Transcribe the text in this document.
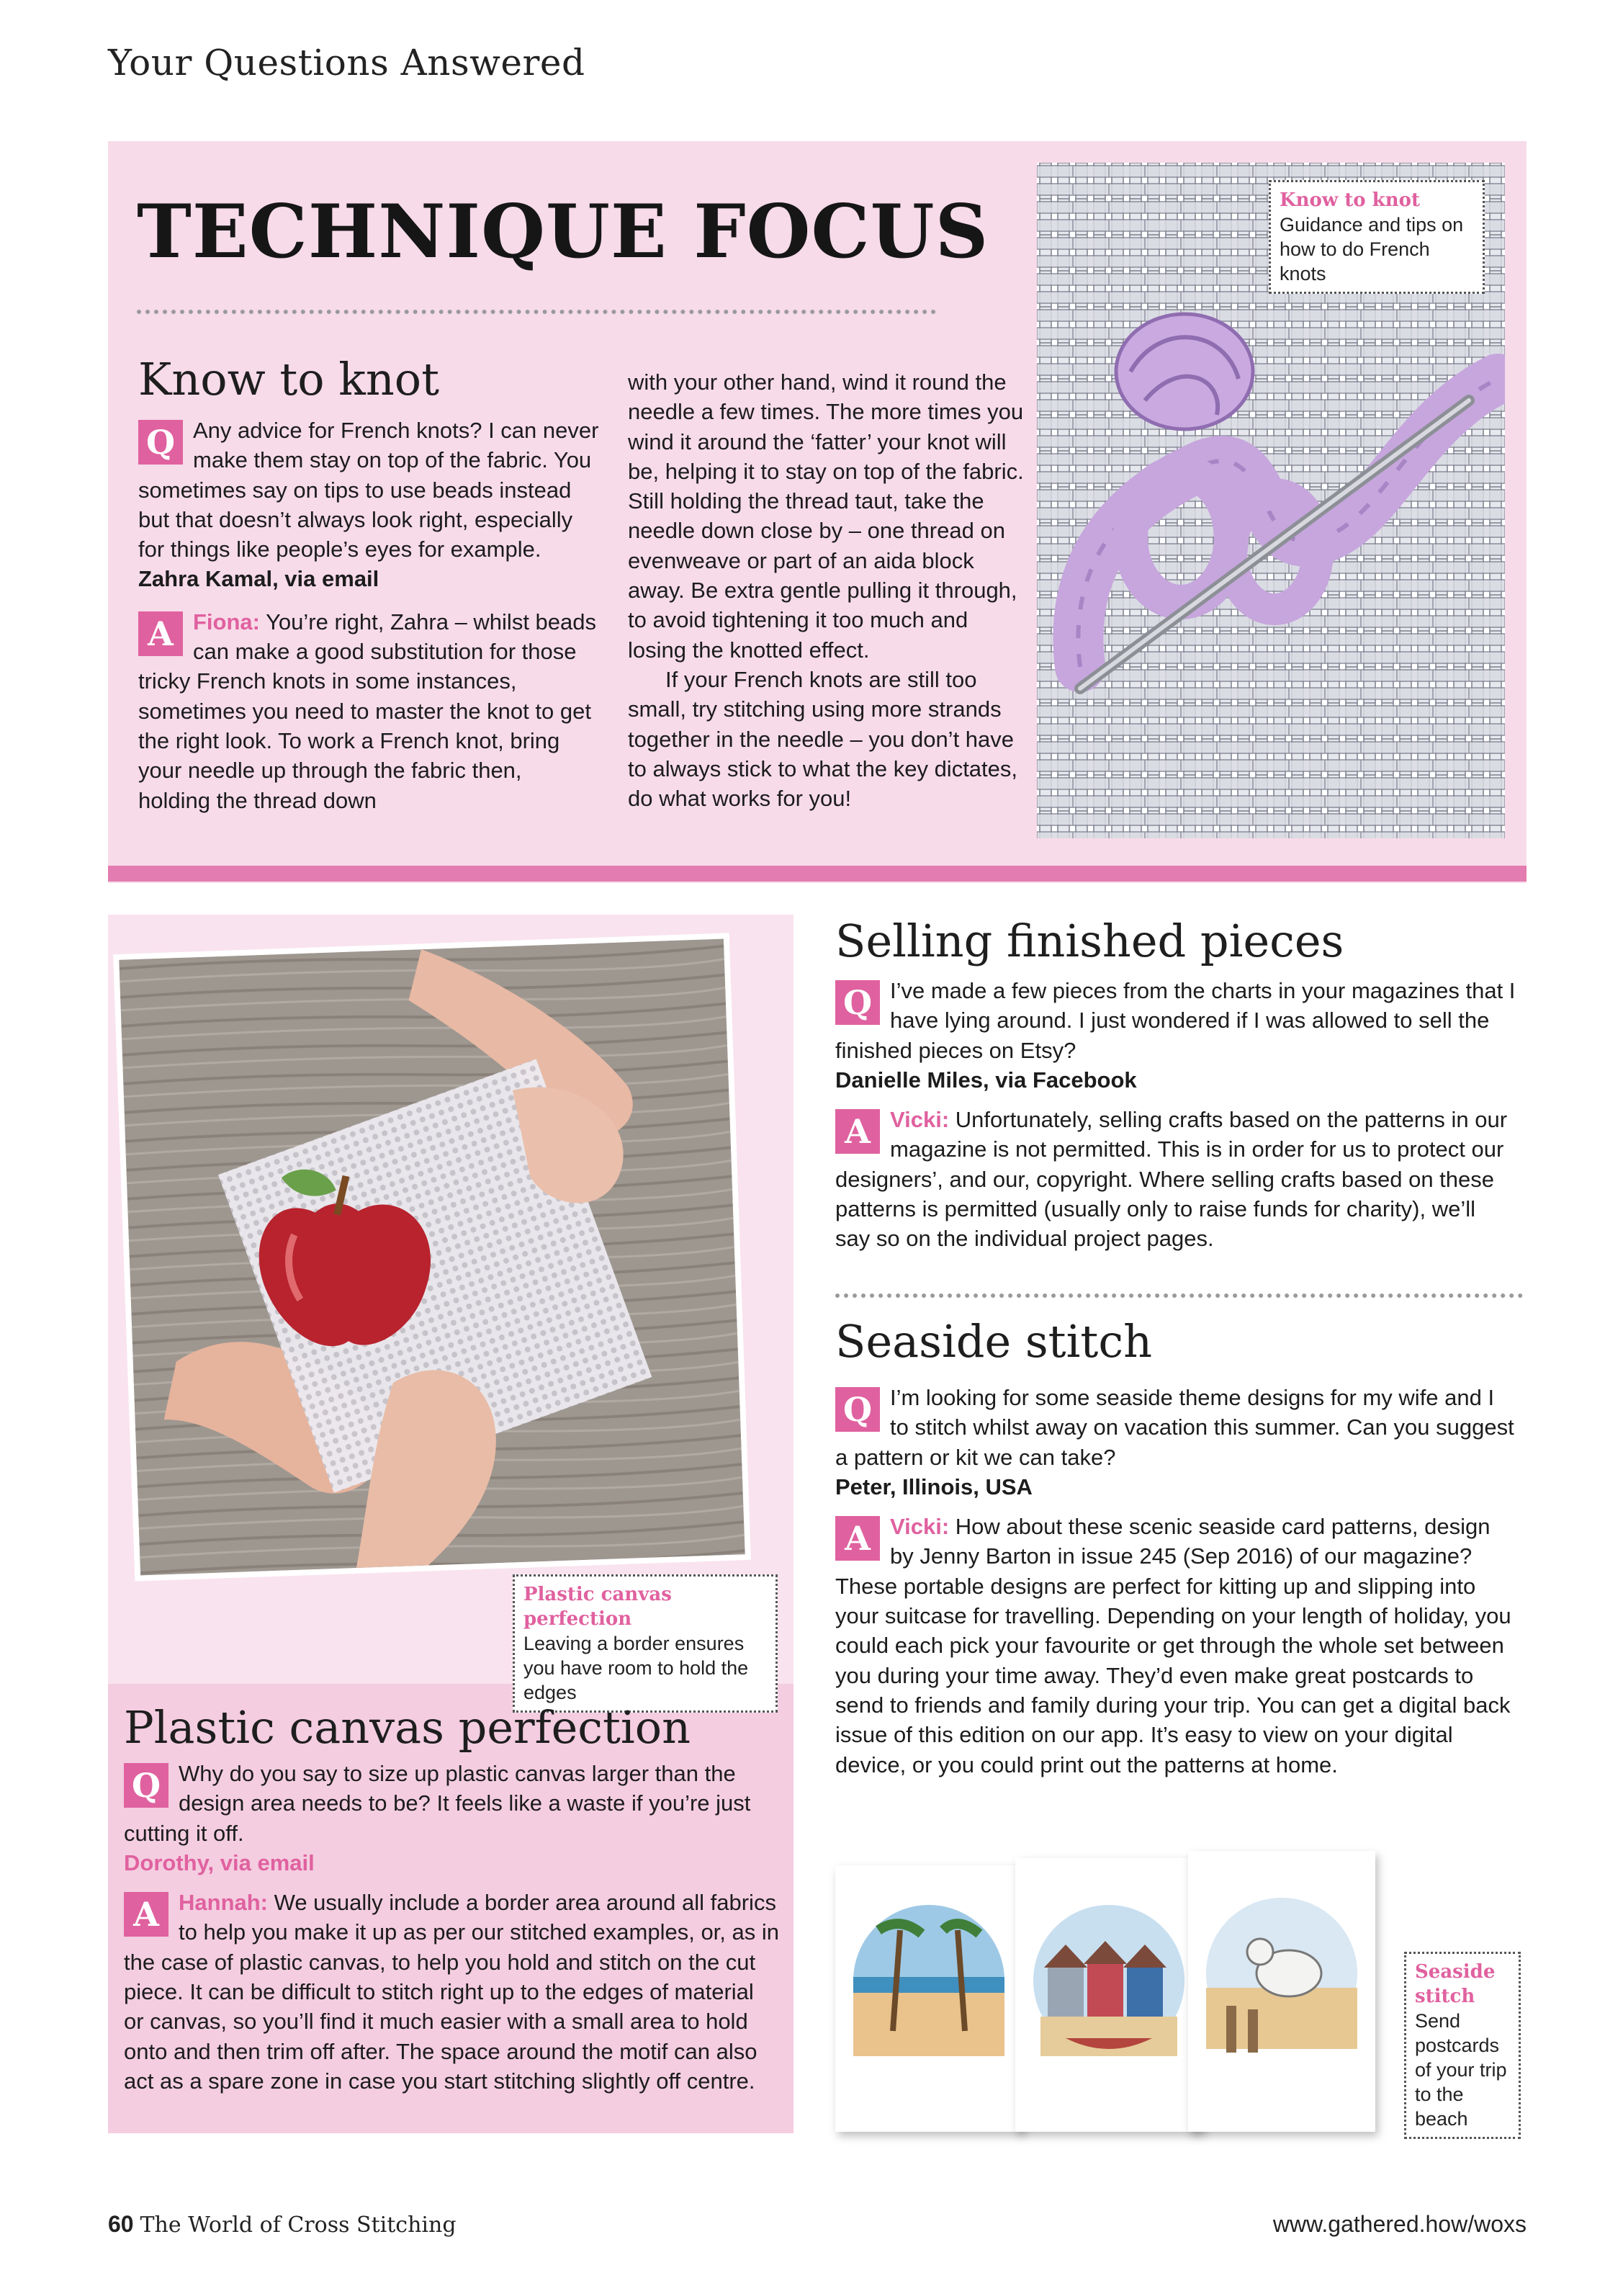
Your Questions Answered
TECHNIQUE FOCUS
Know to knot

Q Any advice for French knots? I can never make them stay on top of the fabric. You sometimes say on tips to use beads instead but that doesn’t always look right, especially for things like people’s eyes for example.

Zahra Kamal, via email

A Fiona: You’re right, Zahra – whilst beads can make a good substitution for those tricky French knots in some instances, sometimes you need to master the knot to get the right look. To work a French knot, bring your needle up through the fabric then, holding the thread down

with your other hand, wind it round the needle a few times. The more times you wind it around the ‘fatter’ your knot will be, helping it to stay on top of the fabric. Still holding the thread taut, take the needle down close by – one thread on evenweave or part of an aida block away. Be extra gentle pulling it through, to avoid tightening it too much and losing the knotted effect.

If your French knots are still too small, try stitching using more strands together in the needle – you don’t have to always stick to what the key dictates, do what works for you!

Know to knot
Guidance and tips on how to do French knots
Plastic canvas perfection
Leaving a border ensures you have room to hold the edges
Plastic canvas perfection

Q Why do you say to size up plastic canvas larger than the design area needs to be? It feels like a waste if you’re just cutting it off.

Dorothy, via email

A Hannah: We usually include a border area around all fabrics to help you make it up as per our stitched examples, or, as in the case of plastic canvas, to help you hold and stitch on the cut piece. It can be difficult to stitch right up to the edges of material or canvas, so you’ll find it much easier with a small area to hold onto and then trim off after. The space around the motif can also act as a spare zone in case you start stitching slightly off centre.

Selling finished pieces

Q I’ve made a few pieces from the charts in your magazines that I have lying around. I just wondered if I was allowed to sell the finished pieces on Etsy?

Danielle Miles, via Facebook

A Vicki: Unfortunately, selling crafts based on the patterns in our magazine is not permitted. This is in order for us to protect our designers’, and our, copyright. Where selling crafts based on these patterns is permitted (usually only to raise funds for charity), we’ll say so on the individual project pages.

Seaside stitch

Q I’m looking for some seaside theme designs for my wife and I to stitch whilst away on vacation this summer. Can you suggest a pattern or kit we can take?

Peter, Illinois, USA

A Vicki: How about these scenic seaside card patterns, design by Jenny Barton in issue 245 (Sep 2016) of our magazine? These portable designs are perfect for kitting up and slipping into your suitcase for travelling. Depending on your length of holiday, you could each pick your favourite or get through the whole set between you during your time away. They’d even make great postcards to send to friends and family during your trip. You can get a digital back issue of this edition on our app. It’s easy to view on your digital device, or you could print out the patterns at home.

Seaside stitch
Send postcards of your trip to the beach
60 The World of Cross Stitching	www.gathered.how/woxs
